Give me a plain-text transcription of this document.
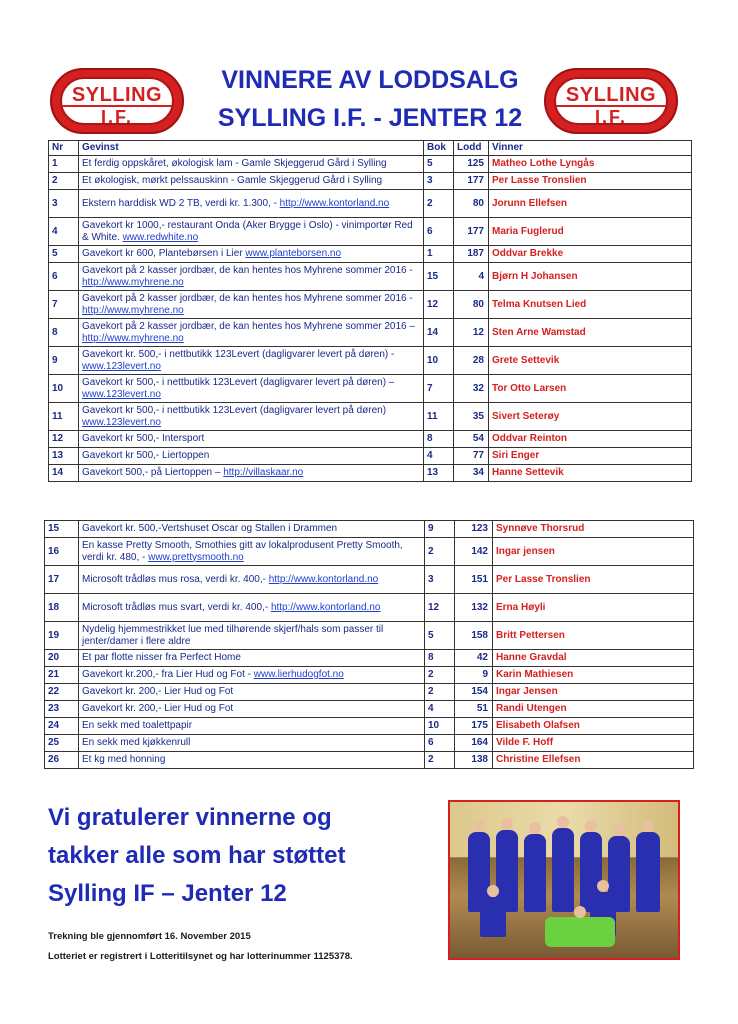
SYLLING
I.F.
VINNERE AV LODDSALG
SYLLING I.F. - JENTER 12
SYLLING
I.F.
Nr	Gevinst	Bok	Lodd	Vinner
1	Et ferdig oppskåret, økologisk lam - Gamle Skjeggerud Gård i Sylling	5	125	Matheo Lothe Lyngås
2	Et økologisk, mørkt pelssauskinn - Gamle Skjeggerud Gård i Sylling	3	177	Per Lasse Tronslien
3	Ekstern harddisk WD 2 TB, verdi kr. 1.300, - http://www.kontorland.no	2	80	Jorunn Ellefsen
4	Gavekort kr 1000,- restaurant Onda (Aker Brygge i Oslo) - vinimportør Red & White. www.redwhite.no	6	177	Maria Fuglerud
5	Gavekort kr 600, Plantebørsen i Lier www.planteborsen.no	1	187	Oddvar Brekke
6	Gavekort på 2 kasser jordbær, de kan hentes hos Myhrene sommer 2016 - http://www.myhrene.no	15	4	Bjørn H Johansen
7	Gavekort på 2 kasser jordbær, de kan hentes hos Myhrene sommer 2016 - http://www.myhrene.no	12	80	Telma Knutsen Lied
8	Gavekort på 2 kasser jordbær, de kan hentes hos Myhrene sommer 2016 – http://www.myhrene.no	14	12	Sten Arne Wamstad
9	Gavekort kr. 500,- i nettbutikk 123Levert (dagligvarer levert på døren) - www.123levert.no	10	28	Grete Settevik
10	Gavekort kr 500,- i nettbutikk 123Levert (dagligvarer levert på døren) – www.123levert.no	7	32	Tor Otto Larsen
11	Gavekort kr 500,- i nettbutikk 123Levert (dagligvarer levert på døren) www.123levert.no	11	35	Sivert Seterøy
12	Gavekort kr 500,- Intersport	8	54	Oddvar Reinton
13	Gavekort kr 500,- Liertoppen	4	77	Siri Enger
14	Gavekort 500,- på Liertoppen – http://villaskaar.no	13	34	Hanne Settevik
15	Gavekort kr. 500,-Vertshuset Oscar og Stallen i Drammen	9	123	Synnøve Thorsrud
16	En kasse Pretty Smooth, Smothies gitt av lokalprodusent Pretty Smooth, verdi kr. 480, - www.prettysmooth.no	2	142	Ingar jensen
17	Microsoft trådløs mus rosa, verdi kr. 400,- http://www.kontorland.no	3	151	Per Lasse Tronslien
18	Microsoft trådløs mus svart, verdi kr. 400,- http://www.kontorland.no	12	132	Erna Høyli
19	Nydelig hjemmestrikket lue med tilhørende skjerf/hals som passer til jenter/damer i flere aldre	5	158	Britt Pettersen
20	Et par flotte nisser fra Perfect Home	8	42	Hanne Gravdal
21	Gavekort kr.200,- fra Lier Hud og Fot - www.lierhudogfot.no	2	9	Karin Mathiesen
22	Gavekort kr. 200,- Lier Hud og Fot	2	154	Ingar Jensen
23	Gavekort kr. 200,- Lier Hud og Fot	4	51	Randi Utengen
24	En sekk med toalettpapir	10	175	Elisabeth Olafsen
25	En sekk med kjøkkenrull	6	164	Vilde F. Hoff
26	Et kg med honning	2	138	Christine Ellefsen
Vi gratulerer vinnerne og
takker alle som har støttet
Sylling IF – Jenter 12
Trekning ble gjennomført 16. November 2015
Lotteriet er registrert i Lotteritilsynet og har lotterinummer 1125378.
